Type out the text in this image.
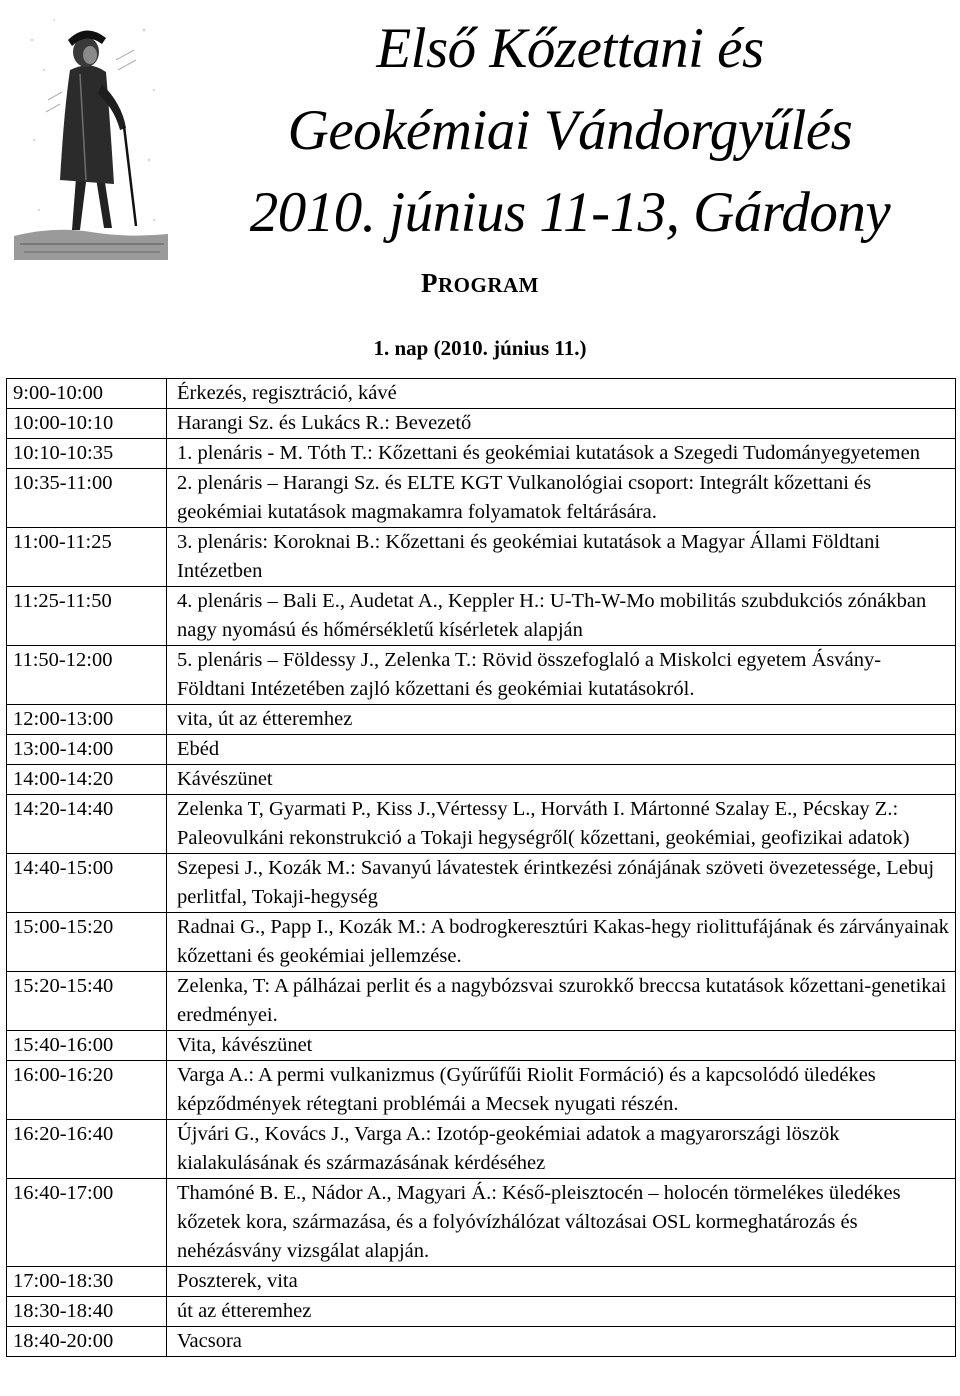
Első Kőzettani és
Geokémiai Vándorgyűlés
2010. június 11-13, Gárdony
PROGRAM
1. nap (2010. június 11.)
9:00-10:00	Érkezés, regisztráció, kávé
10:00-10:10	Harangi Sz. és Lukács R.: Bevezető
10:10-10:35	1. plenáris - M. Tóth T.: Kőzettani és geokémiai kutatások a Szegedi Tudományegyetemen
10:35-11:00	2. plenáris – Harangi Sz. és ELTE KGT Vulkanológiai csoport: Integrált kőzettani és geokémiai kutatások magmakamra folyamatok feltárására.
11:00-11:25	3. plenáris: Koroknai B.: Kőzettani és geokémiai kutatások a Magyar Állami Földtani Intézetben
11:25-11:50	4. plenáris – Bali E., Audetat A., Keppler H.: U-Th-W-Mo mobilitás szubdukciós zónákban nagy nyomású és hőmérsékletű kísérletek alapján
11:50-12:00	5. plenáris – Földessy J., Zelenka T.: Rövid összefoglaló a Miskolci egyetem Ásvány-Földtani Intézetében zajló kőzettani és geokémiai kutatásokról.
12:00-13:00	vita, út az étteremhez
13:00-14:00	Ebéd
14:00-14:20	Kávészünet
14:20-14:40	Zelenka T, Gyarmati P., Kiss J.,Vértessy L., Horváth I. Mártonné Szalay E., Pécskay Z.: Paleovulkáni rekonstrukció a Tokaji hegységről( kőzettani, geokémiai, geofizikai adatok)
14:40-15:00	Szepesi J., Kozák M.: Savanyú lávatestek érintkezési zónájának szöveti övezetessége, Lebuj perlitfal, Tokaji-hegység
15:00-15:20	Radnai G., Papp I., Kozák M.: A bodrogkeresztúri Kakas-hegy riolittufájának és zárványainak kőzettani és geokémiai jellemzése.
15:20-15:40	Zelenka, T: A pálházai perlit és a nagybózsvai szurokkő breccsa kutatások kőzettani-genetikai eredményei.
15:40-16:00	Vita, kávészünet
16:00-16:20	Varga A.: A permi vulkanizmus (Gyűrűfűi Riolit Formáció) és a kapcsolódó üledékes képződmények rétegtani problémái a Mecsek nyugati részén.
16:20-16:40	Újvári G., Kovács J., Varga A.: Izotóp-geokémiai adatok a magyarországi löszök kialakulásának és származásának kérdéséhez
16:40-17:00	Thamóné B. E., Nádor A., Magyari Á.: Késő-pleisztocén – holocén törmelékes üledékes kőzetek kora, származása, és a folyóvízhálózat változásai OSL kormeghatározás és nehézásvány vizsgálat alapján.
17:00-18:30	Poszterek, vita
18:30-18:40	út az étteremhez
18:40-20:00	Vacsora
